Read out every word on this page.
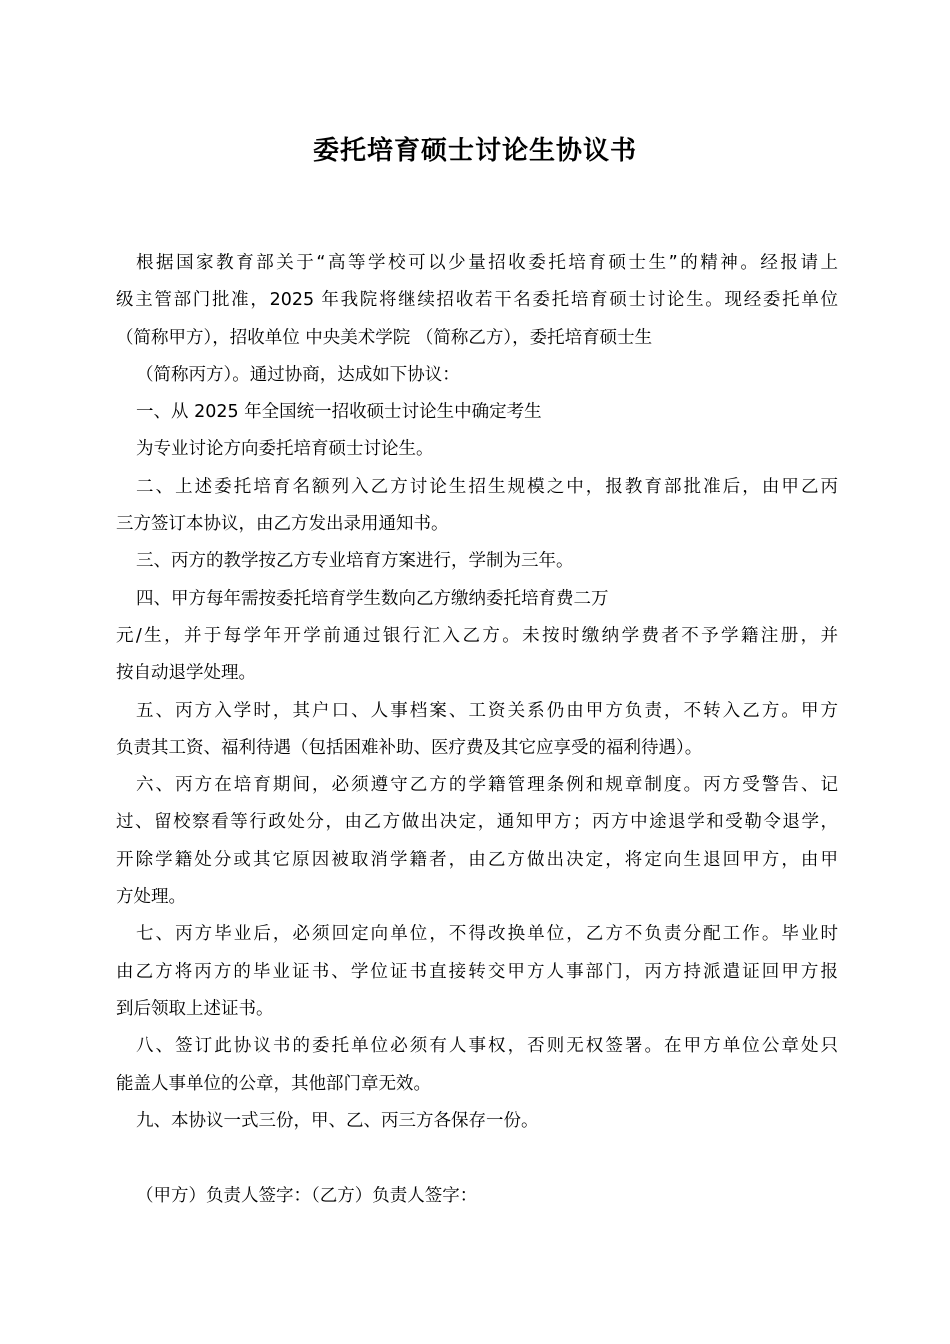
委托培育硕士讨论生协议书
根据国家教育部关于“高等学校可以少量招收委托培育硕士生”的精神。经报请上
级主管部门批准，2025 年我院将继续招收若干名委托培育硕士讨论生。现经委托单位
（简称甲方），招收单位 中央美术学院 （简称乙方），委托培育硕士生
（简称丙方）。通过协商，达成如下协议：
一、从 2025 年全国统一招收硕士讨论生中确定考生
为专业讨论方向委托培育硕士讨论生。
二、上述委托培育名额列入乙方讨论生招生规模之中，报教育部批准后，由甲乙丙
三方签订本协议，由乙方发出录用通知书。
三、丙方的教学按乙方专业培育方案进行，学制为三年。
四、甲方每年需按委托培育学生数向乙方缴纳委托培育费二万
元/生，并于每学年开学前通过银行汇入乙方。未按时缴纳学费者不予学籍注册，并
按自动退学处理。
五、丙方入学时，其户口、人事档案、工资关系仍由甲方负责，不转入乙方。甲方
负责其工资、福利待遇（包括困难补助、医疗费及其它应享受的福利待遇）。
六、丙方在培育期间，必须遵守乙方的学籍管理条例和规章制度。丙方受警告、记
过、留校察看等行政处分，由乙方做出决定，通知甲方；丙方中途退学和受勒令退学，
开除学籍处分或其它原因被取消学籍者，由乙方做出决定，将定向生退回甲方，由甲
方处理。
七、丙方毕业后，必须回定向单位，不得改换单位，乙方不负责分配工作。毕业时
由乙方将丙方的毕业证书、学位证书直接转交甲方人事部门，丙方持派遣证回甲方报
到后领取上述证书。
八、签订此协议书的委托单位必须有人事权，否则无权签署。在甲方单位公章处只
能盖人事单位的公章，其他部门章无效。
九、本协议一式三份，甲、乙、丙三方各保存一份。
（甲方）负责人签字：（乙方）负责人签字：
